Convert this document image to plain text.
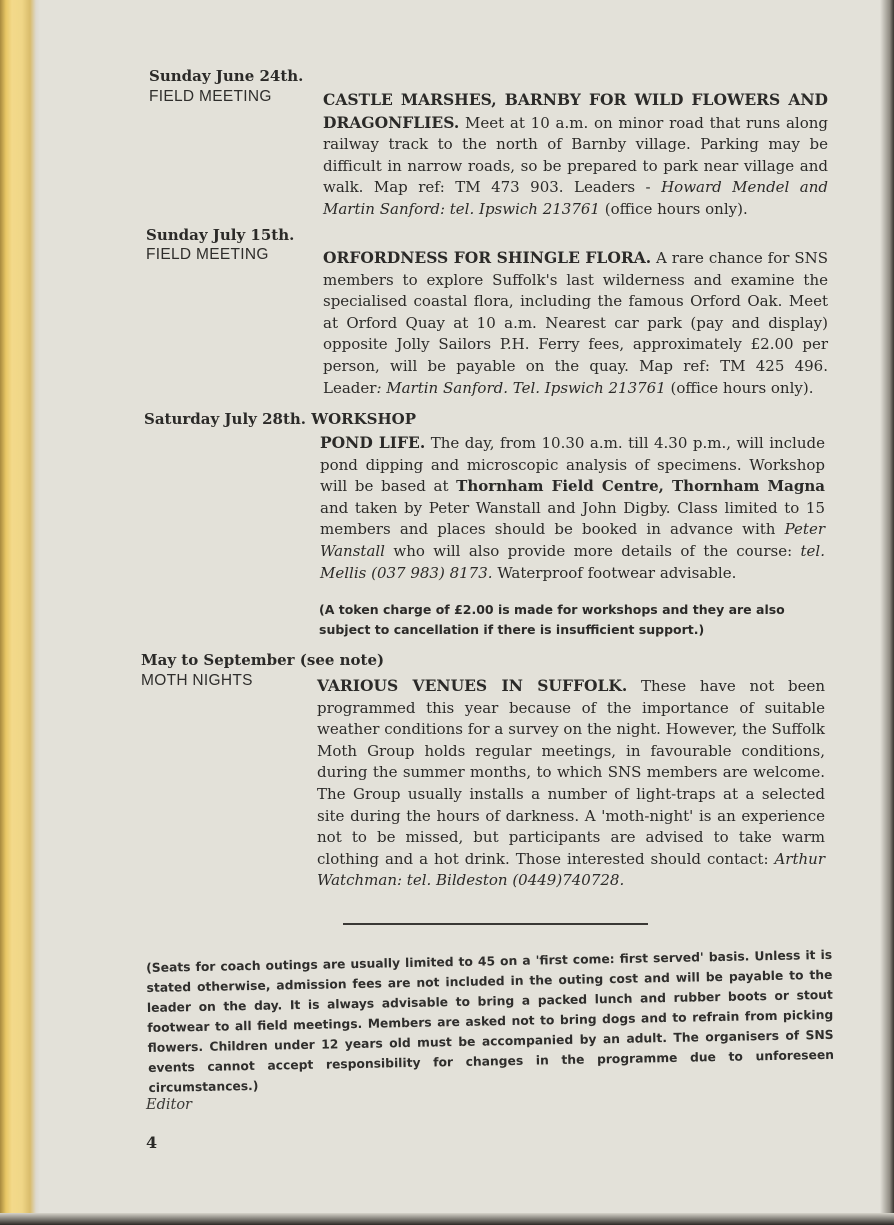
Sunday June 24th.
FIELD MEETING	CASTLE MARSHES, BARNBY FOR WILD FLOWERS AND DRAGONFLIES. Meet at 10 a.m. on minor road that runs along railway track to the north of Barnby village. Parking may be difficult in narrow roads, so be prepared to park near village and walk. Map ref: TM 473 903. Leaders - Howard Mendel and Martin Sanford: tel. Ipswich 213761 (office hours only).
Sunday July 15th.
FIELD MEETING	ORFORDNESS FOR SHINGLE FLORA. A rare chance for SNS members to explore Suffolk's last wilderness and examine the specialised coastal flora, including the famous Orford Oak. Meet at Orford Quay at 10 a.m. Nearest car park (pay and display) opposite Jolly Sailors P.H. Ferry fees, approximately £2.00 per person, will be payable on the quay. Map ref: TM 425 496. Leader: Martin Sanford. Tel. Ipswich 213761 (office hours only).
Saturday July 28th. WORKSHOP
POND LIFE. The day, from 10.30 a.m. till 4.30 p.m., will include pond dipping and microscopic analysis of specimens. Workshop will be based at Thornham Field Centre, Thornham Magna and taken by Peter Wanstall and John Digby. Class limited to 15 members and places should be booked in advance with Peter Wanstall who will also provide more details of the course: tel. Mellis (037 983) 8173. Waterproof footwear advisable.
(A token charge of £2.00 is made for workshops and they are also subject to cancellation if there is insufficient support.)
May to September (see note)
MOTH NIGHTS	VARIOUS VENUES IN SUFFOLK. These have not been programmed this year because of the importance of suitable weather conditions for a survey on the night. However, the Suffolk Moth Group holds regular meetings, in favourable conditions, during the summer months, to which SNS members are welcome. The Group usually installs a number of light-traps at a selected site during the hours of darkness. A 'moth-night' is an experience not to be missed, but participants are advised to take warm clothing and a hot drink. Those interested should contact: Arthur Watchman: tel. Bildeston (0449)740728.
(Seats for coach outings are usually limited to 45 on a 'first come: first served' basis. Unless it is stated otherwise, admission fees are not included in the outing cost and will be payable to the leader on the day. It is always advisable to bring a packed lunch and rubber boots or stout footwear to all field meetings. Members are asked not to bring dogs and to refrain from picking flowers. Children under 12 years old must be accompanied by an adult. The organisers of SNS events cannot accept responsibility for changes in the programme due to unforeseen circumstances.)
Editor
4
